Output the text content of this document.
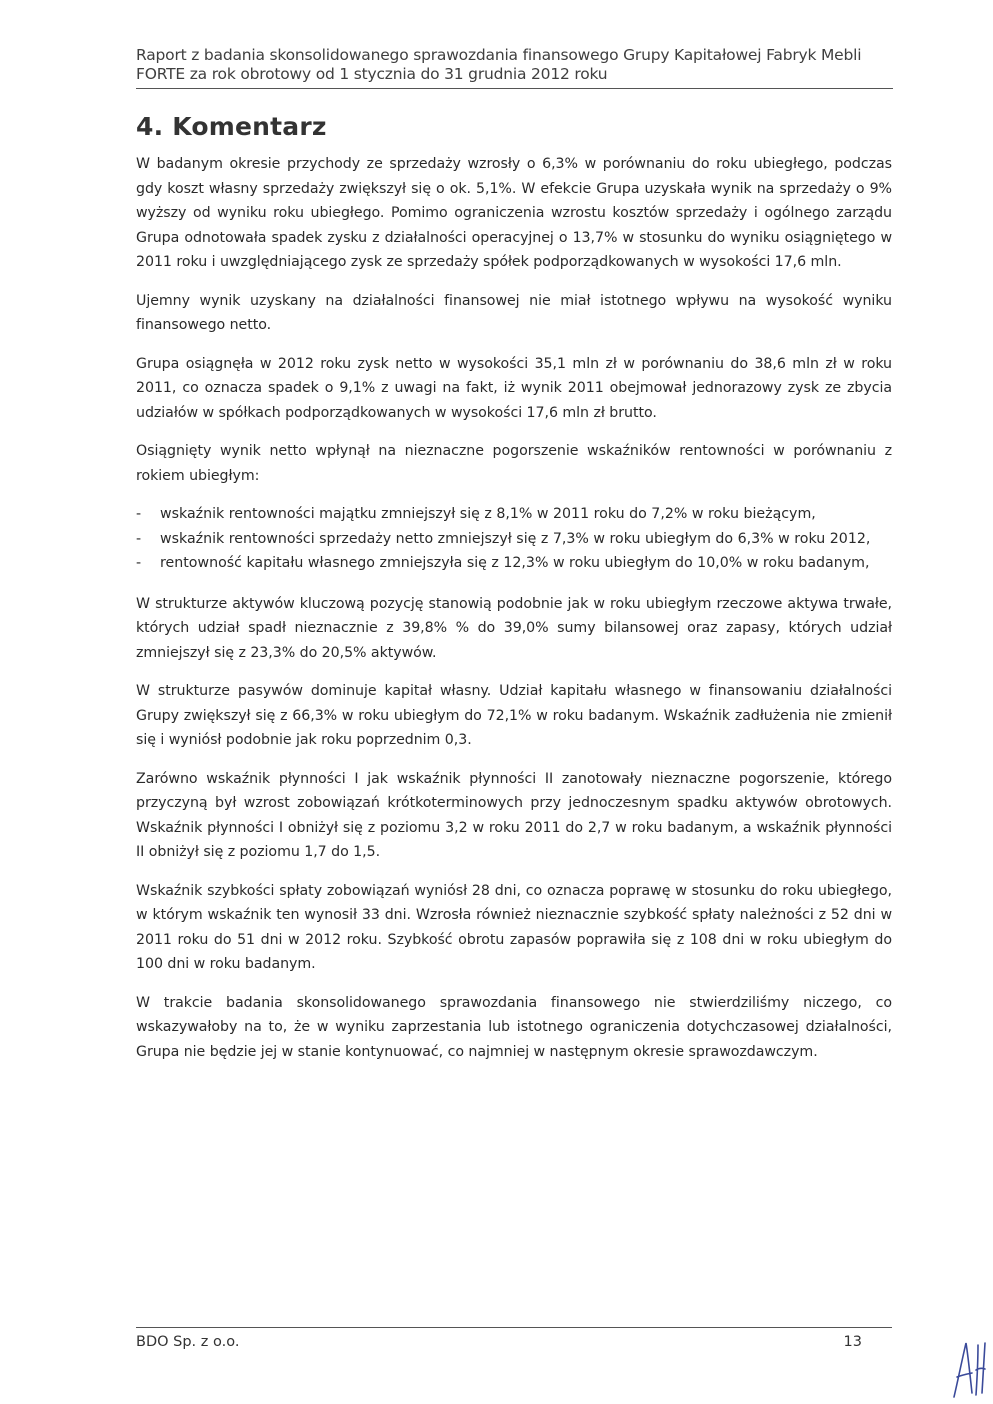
Raport z badania skonsolidowanego sprawozdania finansowego Grupy Kapitałowej Fabryk Mebli
FORTE za rok obrotowy od 1 stycznia do 31 grudnia 2012 roku
4. Komentarz

W badanym okresie przychody ze sprzedaży wzrosły o 6,3% w porównaniu do roku ubiegłego, podczas gdy koszt własny sprzedaży zwiększył się o ok. 5,1%. W efekcie Grupa uzyskała wynik na sprzedaży o 9% wyższy od wyniku roku ubiegłego. Pomimo ograniczenia wzrostu kosztów sprzedaży i ogólnego zarządu Grupa odnotowała spadek zysku z działalności operacyjnej o 13,7% w stosunku do wyniku osiągniętego w 2011 roku i uwzględniającego zysk ze sprzedaży spółek podporządkowanych w wysokości 17,6 mln.

Ujemny wynik uzyskany na działalności finansowej nie miał istotnego wpływu na wysokość wyniku finansowego netto.

Grupa osiągnęła w 2012 roku zysk netto w wysokości 35,1 mln zł w porównaniu do 38,6 mln zł w roku 2011, co oznacza spadek o 9,1% z uwagi na fakt, iż wynik 2011 obejmował jednorazowy zysk ze zbycia udziałów w spółkach podporządkowanych w wysokości 17,6 mln zł brutto.

Osiągnięty wynik netto wpłynął na nieznaczne pogorszenie wskaźników rentowności w porównaniu z rokiem ubiegłym:

- wskaźnik rentowności majątku zmniejszył się z 8,1% w 2011 roku do 7,2% w roku bieżącym,
- wskaźnik rentowności sprzedaży netto zmniejszył się z 7,3% w roku ubiegłym do 6,3% w roku 2012,
- rentowność kapitału własnego zmniejszyła się z 12,3% w roku ubiegłym do 10,0% w roku badanym,

W strukturze aktywów kluczową pozycję stanowią podobnie jak w roku ubiegłym rzeczowe aktywa trwałe, których udział spadł nieznacznie z 39,8% % do 39,0% sumy bilansowej oraz zapasy, których udział zmniejszył się z 23,3% do 20,5% aktywów.

W strukturze pasywów dominuje kapitał własny. Udział kapitału własnego w finansowaniu działalności Grupy zwiększył się z 66,3% w roku ubiegłym do 72,1% w roku badanym. Wskaźnik zadłużenia nie zmienił się i wyniósł podobnie jak roku poprzednim 0,3.

Zarówno wskaźnik płynności I jak wskaźnik płynności II zanotowały nieznaczne pogorszenie, którego przyczyną był wzrost zobowiązań krótkoterminowych przy jednoczesnym spadku aktywów obrotowych. Wskaźnik płynności I obniżył się z poziomu 3,2 w roku 2011 do 2,7 w roku badanym, a wskaźnik płynności II obniżył się z poziomu 1,7 do 1,5.

Wskaźnik szybkości spłaty zobowiązań wyniósł 28 dni, co oznacza poprawę w stosunku do roku ubiegłego, w którym wskaźnik ten wynosił 33 dni. Wzrosła również nieznacznie szybkość spłaty należności z 52 dni w 2011 roku do 51 dni w 2012 roku. Szybkość obrotu zapasów poprawiła się z 108 dni w roku ubiegłym do 100 dni w roku badanym.

W trakcie badania skonsolidowanego sprawozdania finansowego nie stwierdziliśmy niczego, co wskazywałoby na to, że w wyniku zaprzestania lub istotnego ograniczenia dotychczasowej działalności, Grupa nie będzie jej w stanie kontynuować, co najmniej w następnym okresie sprawozdawczym.

BDO Sp. z o.o.	13
